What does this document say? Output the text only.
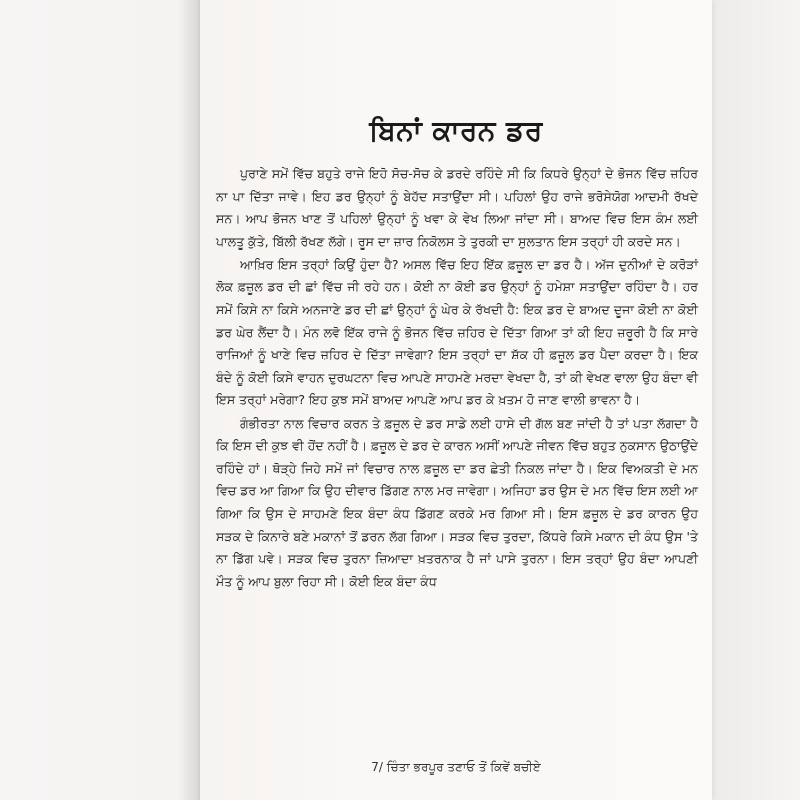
ਬਿਨਾਂ ਕਾਰਨ ਡਰ

ਪੁਰਾਣੇ ਸਮੇਂ ਵਿੱਚ ਬਹੁਤੇ ਰਾਜੇ ਇਹੋ ਸੋਚ-ਸੋਚ ਕੇ ਡਰਦੇ ਰਹਿੰਦੇ ਸੀ ਕਿ ਕਿਧਰੇ ਉਨ੍ਹਾਂ ਦੇ ਭੋਜਨ ਵਿੱਚ ਜ਼ਹਿਰ ਨਾ ਪਾ ਦਿੱਤਾ ਜਾਵੇ। ਇਹ ਡਰ ਉਨ੍ਹਾਂ ਨੂੰ ਬੇਹੱਦ ਸਤਾਉਂਦਾ ਸੀ। ਪਹਿਲਾਂ ਉਹ ਰਾਜੇ ਭਰੋਸੇਯੋਗ ਆਦਮੀ ਰੱਖਦੇ ਸਨ। ਆਪ ਭੋਜਨ ਖਾਣ ਤੋਂ ਪਹਿਲਾਂ ਉਨ੍ਹਾਂ ਨੂੰ ਖਵਾ ਕੇ ਵੇਖ ਲਿਆ ਜਾਂਦਾ ਸੀ। ਬਾਅਦ ਵਿਚ ਇਸ ਕੰਮ ਲਈ ਪਾਲਤੂ ਕੁੱਤੇ, ਬਿੱਲੀ ਰੱਖਣ ਲੱਗੇ। ਰੂਸ ਦਾ ਜ਼ਾਰ ਨਿਕੋਲਸ ਤੇ ਤੁਰਕੀ ਦਾ ਸੁਲਤਾਨ ਇਸ ਤਰ੍ਹਾਂ ਹੀ ਕਰਦੇ ਸਨ।

ਆਖ਼ਿਰ ਇਸ ਤਰ੍ਹਾਂ ਕਿਉਂ ਹੁੰਦਾ ਹੈ? ਅਸਲ ਵਿੱਚ ਇਹ ਇੱਕ ਫ਼ਜ਼ੂਲ ਦਾ ਡਰ ਹੈ। ਅੱਜ ਦੁਨੀਆਂ ਦੇ ਕਰੋੜਾਂ ਲੋਕ ਫ਼ਜ਼ੂਲ ਡਰ ਦੀ ਛਾਂ ਵਿੱਚ ਜੀ ਰਹੇ ਹਨ। ਕੋਈ ਨਾ ਕੋਈ ਡਰ ਉਨ੍ਹਾਂ ਨੂੰ ਹਮੇਸ਼ਾ ਸਤਾਉਂਦਾ ਰਹਿੰਦਾ ਹੈ। ਹਰ ਸਮੇਂ ਕਿਸੇ ਨਾ ਕਿਸੇ ਅਨਜਾਣੇ ਡਰ ਦੀ ਛਾਂ ਉਨ੍ਹਾਂ ਨੂੰ ਘੇਰ ਕੇ ਰੱਖਦੀ ਹੈ: ਇਕ ਡਰ ਦੇ ਬਾਅਦ ਦੂਜਾ ਕੋਈ ਨਾ ਕੋਈ ਡਰ ਘੇਰ ਲੈਂਦਾ ਹੈ। ਮੰਨ ਲਵੋ ਇੱਕ ਰਾਜੇ ਨੂੰ ਭੋਜਨ ਵਿੱਚ ਜ਼ਹਿਰ ਦੇ ਦਿੱਤਾ ਗਿਆ ਤਾਂ ਕੀ ਇਹ ਜ਼ਰੂਰੀ ਹੈ ਕਿ ਸਾਰੇ ਰਾਜਿਆਂ ਨੂੰ ਖਾਣੇ ਵਿਚ ਜ਼ਹਿਰ ਦੇ ਦਿੱਤਾ ਜਾਵੇਗਾ? ਇਸ ਤਰ੍ਹਾਂ ਦਾ ਸ਼ੱਕ ਹੀ ਫ਼ਜ਼ੂਲ ਡਰ ਪੈਦਾ ਕਰਦਾ ਹੈ। ਇਕ ਬੰਦੇ ਨੂੰ ਕੋਈ ਕਿਸੇ ਵਾਹਨ ਦੁਰਘਟਨਾ ਵਿਚ ਆਪਣੇ ਸਾਹਮਣੇ ਮਰਦਾ ਵੇਖਦਾ ਹੈ, ਤਾਂ ਕੀ ਵੇਖਣ ਵਾਲਾ ਉਹ ਬੰਦਾ ਵੀ ਇਸ ਤਰ੍ਹਾਂ ਮਰੇਗਾ? ਇਹ ਕੁਝ ਸਮੇਂ ਬਾਅਦ ਆਪਣੇ ਆਪ ਡਰ ਕੇ ਖ਼ਤਮ ਹੋ ਜਾਣ ਵਾਲੀ ਭਾਵਨਾ ਹੈ।

ਗੰਭੀਰਤਾ ਨਾਲ ਵਿਚਾਰ ਕਰਨ ਤੇ ਫ਼ਜ਼ੂਲ ਦੇ ਡਰ ਸਾਡੇ ਲਈ ਹਾਸੇ ਦੀ ਗੱਲ ਬਣ ਜਾਂਦੀ ਹੈ ਤਾਂ ਪਤਾ ਲੱਗਦਾ ਹੈ ਕਿ ਇਸ ਦੀ ਕੁਝ ਵੀ ਹੋਂਦ ਨਹੀਂ ਹੈ। ਫ਼ਜ਼ੂਲ ਦੇ ਡਰ ਦੇ ਕਾਰਨ ਅਸੀਂ ਆਪਣੇ ਜੀਵਨ ਵਿੱਚ ਬਹੁਤ ਨੁਕਸਾਨ ਉਠਾਉਂਦੇ ਰਹਿੰਦੇ ਹਾਂ। ਥੋੜ੍ਹੇ ਜਿਹੇ ਸਮੇਂ ਜਾਂ ਵਿਚਾਰ ਨਾਲ ਫ਼ਜ਼ੂਲ ਦਾ ਡਰ ਛੇਤੀ ਨਿਕਲ ਜਾਂਦਾ ਹੈ। ਇਕ ਵਿਅਕਤੀ ਦੇ ਮਨ ਵਿਚ ਡਰ ਆ ਗਿਆ ਕਿ ਉਹ ਦੀਵਾਰ ਡਿੱਗਣ ਨਾਲ ਮਰ ਜਾਵੇਗਾ। ਅਜਿਹਾ ਡਰ ਉਸ ਦੇ ਮਨ ਵਿੱਚ ਇਸ ਲਈ ਆ ਗਿਆ ਕਿ ਉਸ ਦੇ ਸਾਹਮਣੇ ਇਕ ਬੰਦਾ ਕੰਧ ਡਿੱਗਣ ਕਰਕੇ ਮਰ ਗਿਆ ਸੀ। ਇਸ ਫ਼ਜ਼ੂਲ ਦੇ ਡਰ ਕਾਰਨ ਉਹ ਸੜਕ ਦੇ ਕਿਨਾਰੇ ਬਣੇ ਮਕਾਨਾਂ ਤੋਂ ਡਰਨ ਲੱਗ ਗਿਆ। ਸੜਕ ਵਿਚ ਤੁਰਦਾ, ਕਿੱਧਰੇ ਕਿਸੇ ਮਕਾਨ ਦੀ ਕੰਧ ਉਸ 'ਤੇ ਨਾ ਡਿੱਗ ਪਵੇ। ਸੜਕ ਵਿਚ ਤੁਰਨਾ ਜ਼ਿਆਦਾ ਖ਼ਤਰਨਾਕ ਹੈ ਜਾਂ ਪਾਸੇ ਤੁਰਨਾ। ਇਸ ਤਰ੍ਹਾਂ ਉਹ ਬੰਦਾ ਆਪਣੀ ਮੌਤ ਨੂੰ ਆਪ ਬੁਲਾ ਰਿਹਾ ਸੀ। ਕੋਈ ਇਕ ਬੰਦਾ ਕੰਧ

7/ ਚਿੰਤਾ ਭਰਪੂਰ ਤਣਾਓ ਤੋਂ ਕਿਵੇਂ ਬਚੀਏ
